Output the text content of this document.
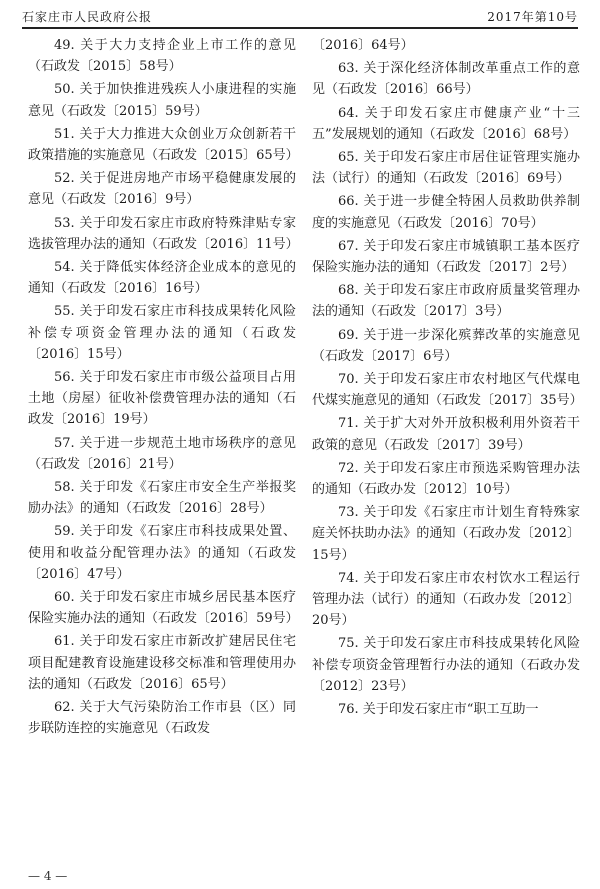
石家庄市人民政府公报	2017年第10号

49. 关于大力支持企业上市工作的意见（石政发〔2015〕58号）

50. 关于加快推进残疾人小康进程的实施意见（石政发〔2015〕59号）

51. 关于大力推进大众创业万众创新若干政策措施的实施意见（石政发〔2015〕65号）

52. 关于促进房地产市场平稳健康发展的意见（石政发〔2016〕9号）

53. 关于印发石家庄市政府特殊津贴专家选拔管理办法的通知（石政发〔2016〕11号）

54. 关于降低实体经济企业成本的意见的通知（石政发〔2016〕16号）

55. 关于印发石家庄市科技成果转化风险补偿专项资金管理办法的通知（石政发〔2016〕15号）

56. 关于印发石家庄市市级公益项目占用土地（房屋）征收补偿费管理办法的通知（石政发〔2016〕19号）

57. 关于进一步规范土地市场秩序的意见（石政发〔2016〕21号）

58. 关于印发《石家庄市安全生产举报奖励办法》的通知（石政发〔2016〕28号）

59. 关于印发《石家庄市科技成果处置、使用和收益分配管理办法》的通知（石政发〔2016〕47号）

60. 关于印发石家庄市城乡居民基本医疗保险实施办法的通知（石政发〔2016〕59号）

61. 关于印发石家庄市新改扩建居民住宅项目配建教育设施建设移交标准和管理使用办法的通知（石政发〔2016〕65号）

62. 关于大气污染防治工作市县（区）同步联防连控的实施意见（石政发

〔2016〕64号）

63. 关于深化经济体制改革重点工作的意见（石政发〔2016〕66号）

64. 关于印发石家庄市健康产业“十三五”发展规划的通知（石政发〔2016〕68号）

65. 关于印发石家庄市居住证管理实施办法（试行）的通知（石政发〔2016〕69号）

66. 关于进一步健全特困人员救助供养制度的实施意见（石政发〔2016〕70号）

67. 关于印发石家庄市城镇职工基本医疗保险实施办法的通知（石政发〔2017〕2号）

68. 关于印发石家庄市政府质量奖管理办法的通知（石政发〔2017〕3号）

69. 关于进一步深化殡葬改革的实施意见（石政发〔2017〕6号）

70. 关于印发石家庄市农村地区气代煤电代煤实施意见的通知（石政发〔2017〕35号）

71. 关于扩大对外开放积极利用外资若干政策的意见（石政发〔2017〕39号）

72. 关于印发石家庄市预选采购管理办法的通知（石政办发〔2012〕10号）

73. 关于印发《石家庄市计划生育特殊家庭关怀扶助办法》的通知（石政办发〔2012〕15号）

74. 关于印发石家庄市农村饮水工程运行管理办法（试行）的通知（石政办发〔2012〕20号）

75. 关于印发石家庄市科技成果转化风险补偿专项资金管理暂行办法的通知（石政办发〔2012〕23号）

76. 关于印发石家庄市“职工互助一

— 4 —
